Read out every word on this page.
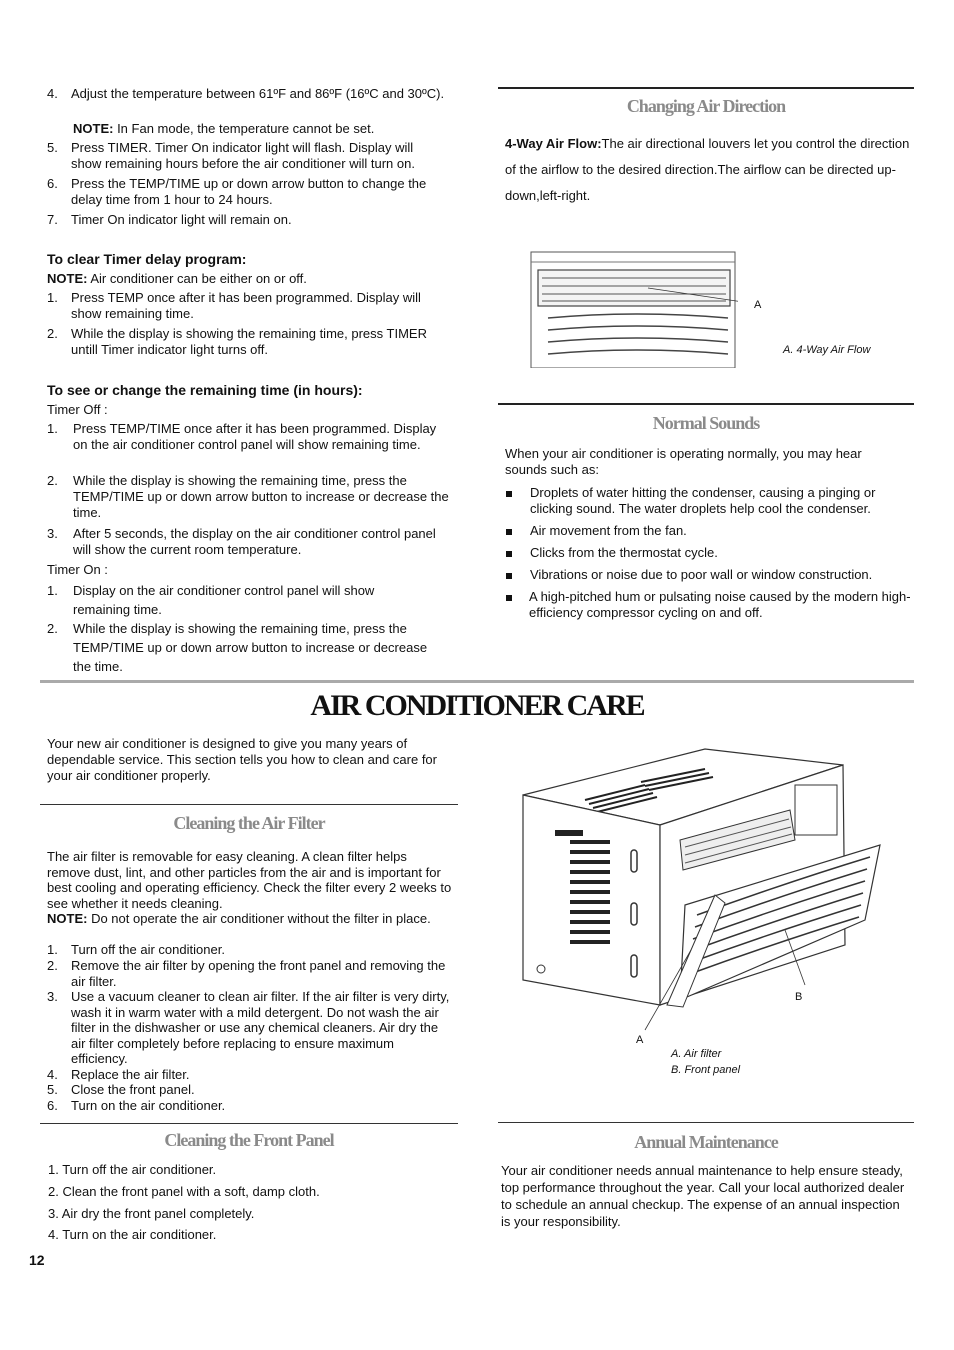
4.	Adjust the temperature between 61ºF and 86ºF (16ºC and 30ºC).
NOTE: In Fan mode, the temperature cannot be set.
5.	Press TIMER. Timer On indicator light will flash. Display will show remaining hours before the air conditioner will turn on.
6.	Press the TEMP/TIME up or down arrow button to change the delay time from 1 hour to 24 hours.
7.	Timer On indicator light will remain on.
To clear Timer delay program:
NOTE: Air conditioner can be either on or off.
1.	Press TEMP once after it has been programmed. Display will show remaining time.
2.	While the display is showing the remaining time, press TIMER untill Timer indicator light turns off.
To see or change the remaining time (in hours):
Timer Off :
1.	Press TEMP/TIME once after it has been programmed. Display on the air conditioner control panel will show remaining time.
2.	While the display is showing the remaining time, press the TEMP/TIME up or down arrow button to increase or decrease the time.
3.	After 5 seconds, the display on the air conditioner control panel will show the current room temperature.
Timer On :
1.	Display on the air conditioner control panel will show remaining time.
2.	While the display is showing the remaining time, press the TEMP/TIME up or down arrow button to increase or decrease the time.
Changing Air Direction
4-Way Air Flow:The air directional louvers let you control the direction of the airflow to the desired direction.The airflow can be directed up-down,left-right.
A
A. 4-Way Air Flow
Normal Sounds
When your air conditioner is operating normally, you may hear sounds such as:
Droplets of water hitting the condenser, causing a pinging or clicking sound. The water droplets help cool the condenser.
Air movement from the fan.
Clicks from the thermostat cycle.
Vibrations or noise due to poor wall or window construction.
A high-pitched hum or pulsating noise caused by the modern high-efficiency compressor cycling on and off.
AIR CONDITIONER CARE
Your new air conditioner is designed to give you many years of dependable service. This section tells you how to clean and care for your air conditioner properly.
Cleaning the Air Filter
The air filter is removable for easy cleaning. A clean filter helps remove dust, lint, and other particles from the air and is important for best cooling and operating efficiency. Check the filter every 2 weeks to see whether it needs cleaning.
NOTE: Do not operate the air conditioner without the filter in place.
1.	Turn off the air conditioner.
2.	Remove the air filter by opening the front panel and removing the air filter.
3.	Use a vacuum cleaner to clean air filter. If the air filter is very dirty, wash it in warm water with a mild detergent. Do not wash the air filter in the dishwasher or use any chemical cleaners. Air dry the air filter completely before replacing to ensure maximum efficiency.
4.	Replace the air filter.
5.	Close the front panel.
6.	Turn on the air conditioner.
A
B
A. Air filter
B. Front panel
Cleaning the Front Panel
1. Turn off the air conditioner.
2. Clean the front panel with a soft, damp cloth.
3. Air dry the front panel completely.
4. Turn on the air conditioner.
Annual Maintenance
Your air conditioner needs annual maintenance to help ensure steady, top performance throughout the year. Call your local authorized dealer to schedule an annual checkup. The expense of an annual inspection is your responsibility.
12
